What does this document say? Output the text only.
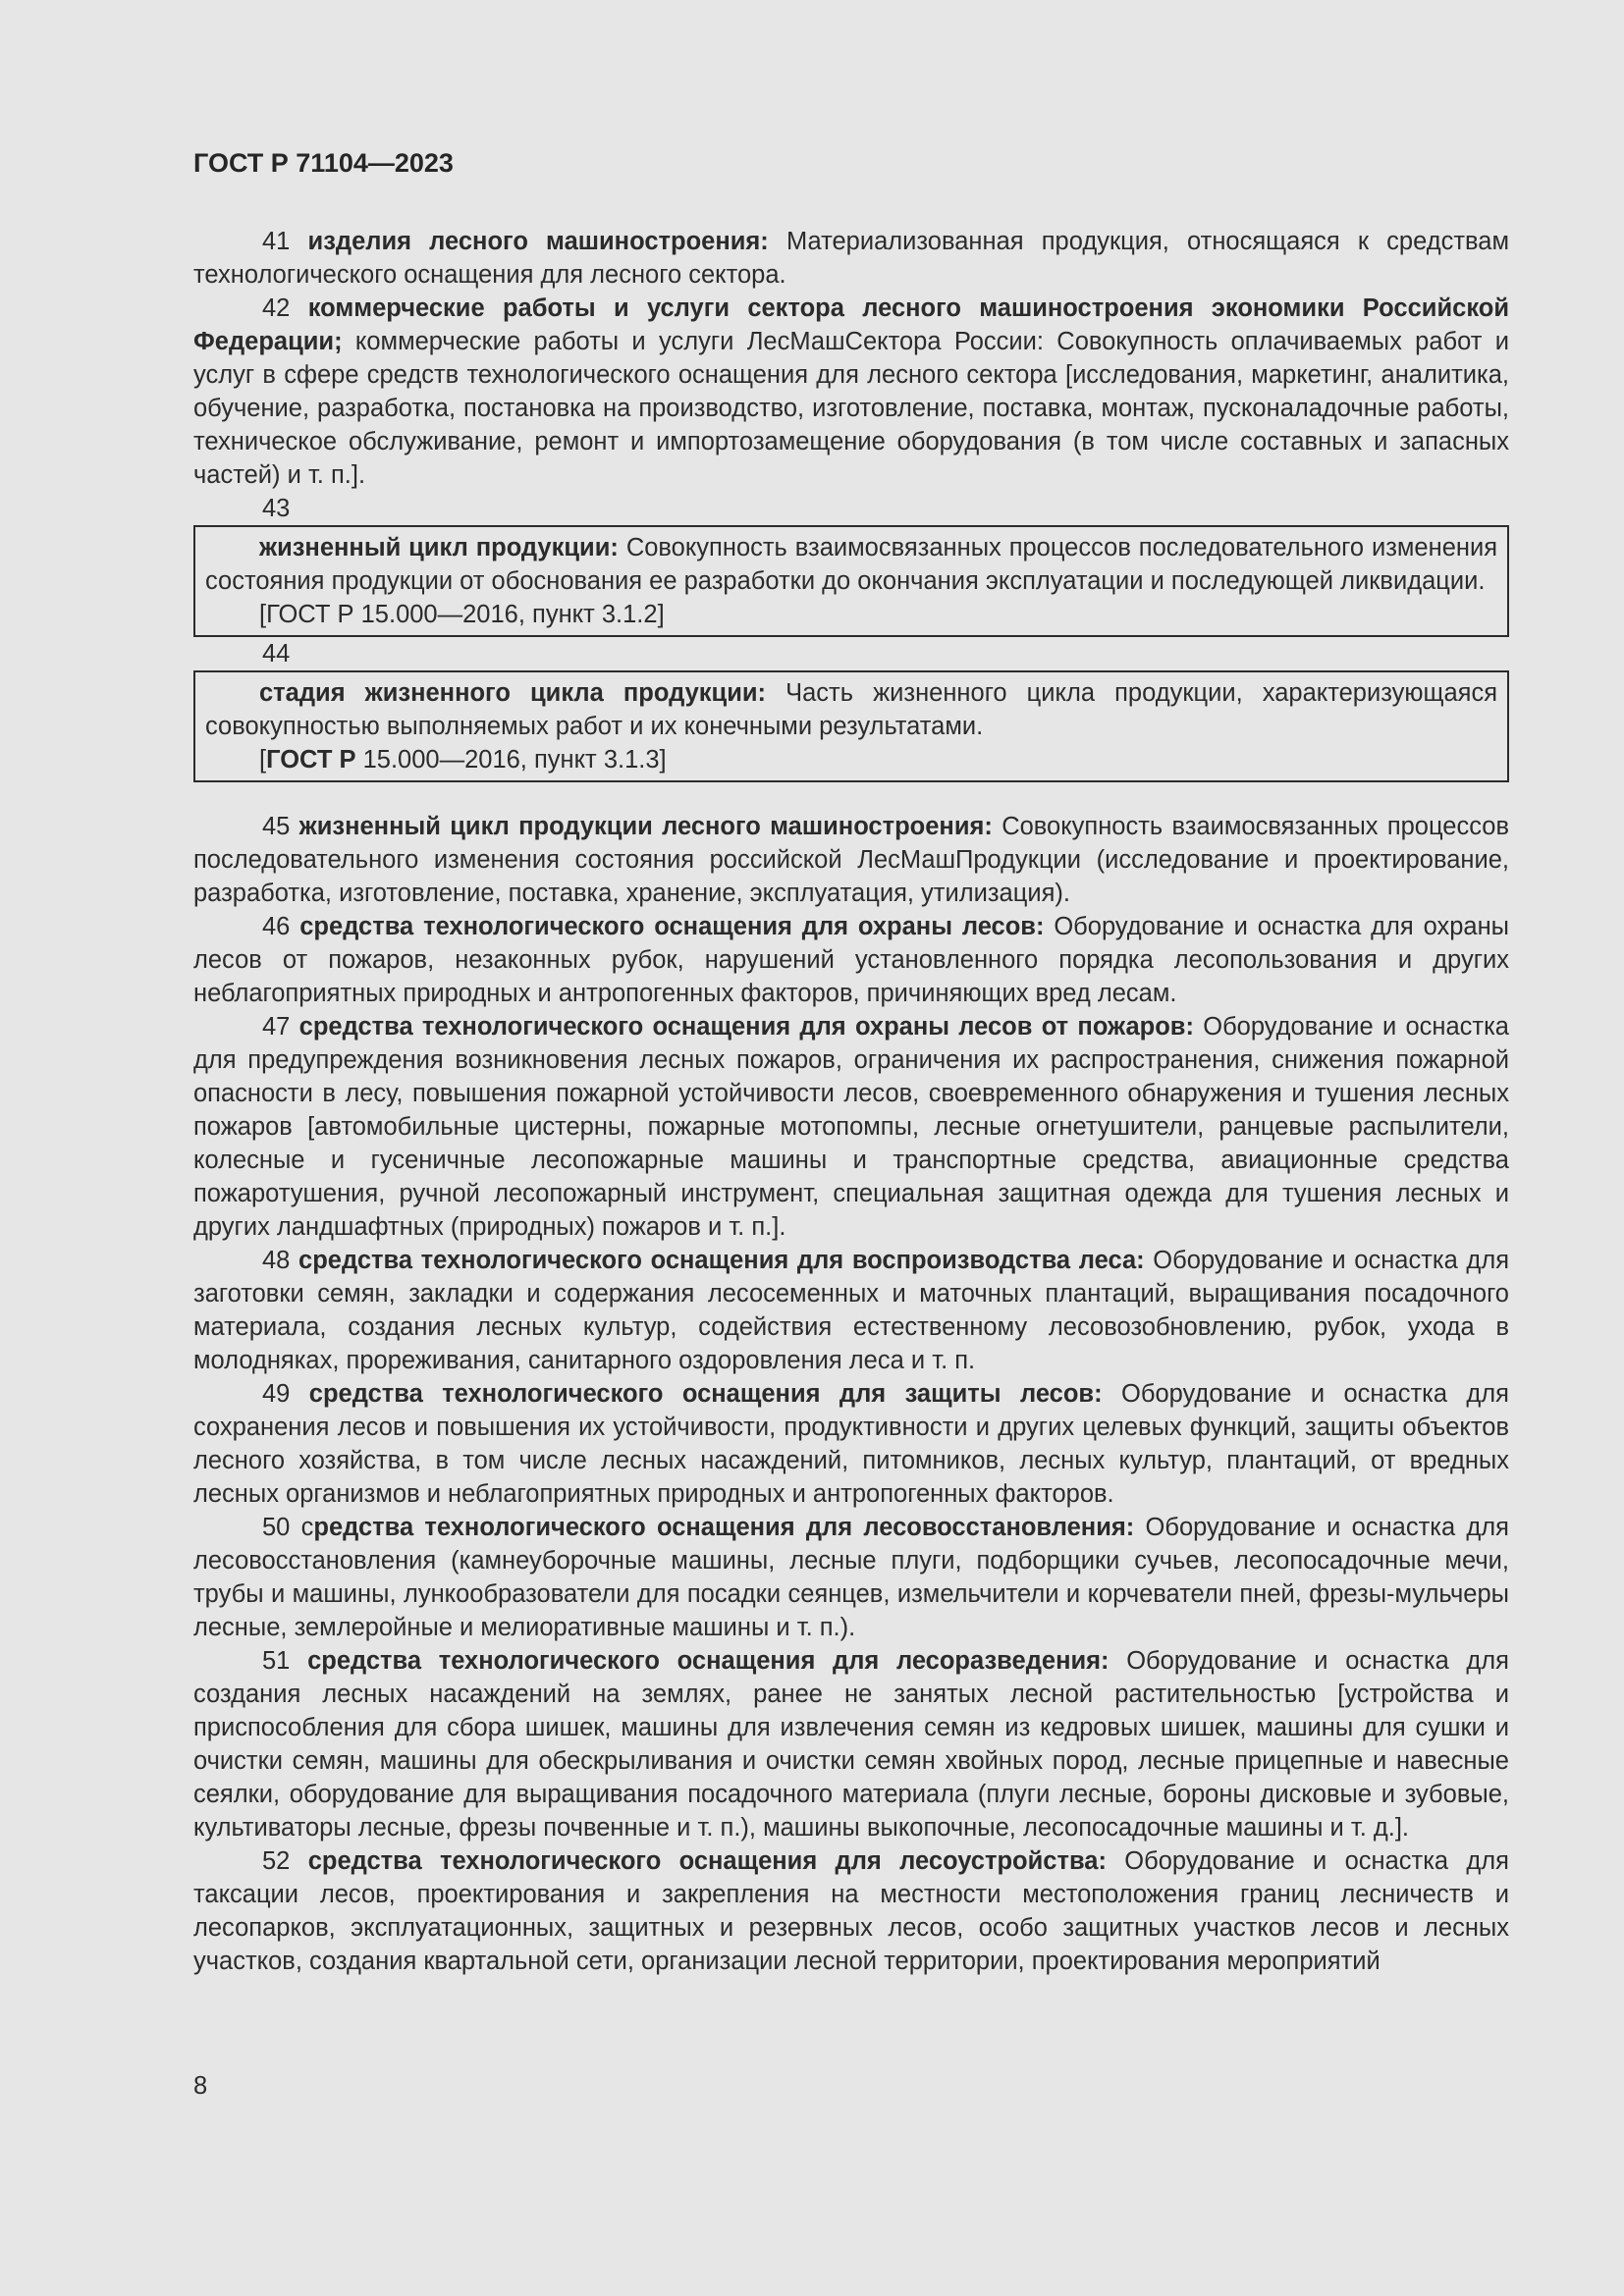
ГОСТ Р 71104—2023

41 изделия лесного машиностроения: Материализованная продукция, относящаяся к средствам технологического оснащения для лесного сектора.

42 коммерческие работы и услуги сектора лесного машиностроения экономики Российской Федерации; коммерческие работы и услуги ЛесМашСектора России: Совокупность оплачиваемых работ и услуг в сфере средств технологического оснащения для лесного сектора [исследования, маркетинг, аналитика, обучение, разработка, постановка на производство, изготовление, поставка, монтаж, пусконаладочные работы, техническое обслуживание, ремонт и импортозамещение оборудования (в том числе составных и запасных частей) и т. п.].

43

жизненный цикл продукции: Совокупность взаимосвязанных процессов последовательного изменения состояния продукции от обоснования ее разработки до окончания эксплуатации и последующей ликвидации.

[ГОСТ Р 15.000—2016, пункт 3.1.2]

44

стадия жизненного цикла продукции: Часть жизненного цикла продукции, характеризующаяся совокупностью выполняемых работ и их конечными результатами.

[ГОСТ Р 15.000—2016, пункт 3.1.3]

45 жизненный цикл продукции лесного машиностроения: Совокупность взаимосвязанных процессов последовательного изменения состояния российской ЛесМашПродукции (исследование и проектирование, разработка, изготовление, поставка, хранение, эксплуатация, утилизация).

46 средства технологического оснащения для охраны лесов: Оборудование и оснастка для охраны лесов от пожаров, незаконных рубок, нарушений установленного порядка лесопользования и других неблагоприятных природных и антропогенных факторов, причиняющих вред лесам.

47 средства технологического оснащения для охраны лесов от пожаров: Оборудование и оснастка для предупреждения возникновения лесных пожаров, ограничения их распространения, снижения пожарной опасности в лесу, повышения пожарной устойчивости лесов, своевременного обнаружения и тушения лесных пожаров [автомобильные цистерны, пожарные мотопомпы, лесные огнетушители, ранцевые распылители, колесные и гусеничные лесопожарные машины и транспортные средства, авиационные средства пожаротушения, ручной лесопожарный инструмент, специальная защитная одежда для тушения лесных и других ландшафтных (природных) пожаров и т. п.].

48 средства технологического оснащения для воспроизводства леса: Оборудование и оснастка для заготовки семян, закладки и содержания лесосеменных и маточных плантаций, выращивания посадочного материала, создания лесных культур, содействия естественному лесовозобновлению, рубок, ухода в молодняках, прореживания, санитарного оздоровления леса и т. п.

49 средства технологического оснащения для защиты лесов: Оборудование и оснастка для сохранения лесов и повышения их устойчивости, продуктивности и других целевых функций, защиты объектов лесного хозяйства, в том числе лесных насаждений, питомников, лесных культур, плантаций, от вредных лесных организмов и неблагоприятных природных и антропогенных факторов.

50 средства технологического оснащения для лесовосстановления: Оборудование и оснастка для лесовосстановления (камнеуборочные машины, лесные плуги, подборщики сучьев, лесопосадочные мечи, трубы и машины, лункообразователи для посадки сеянцев, измельчители и корчеватели пней, фрезы-мульчеры лесные, землеройные и мелиоративные машины и т. п.).

51 средства технологического оснащения для лесоразведения: Оборудование и оснастка для создания лесных насаждений на землях, ранее не занятых лесной растительностью [устройства и приспособления для сбора шишек, машины для извлечения семян из кедровых шишек, машины для сушки и очистки семян, машины для обескрыливания и очистки семян хвойных пород, лесные прицепные и навесные сеялки, оборудование для выращивания посадочного материала (плуги лесные, бороны дисковые и зубовые, культиваторы лесные, фрезы почвенные и т. п.), машины выкопочные, лесопосадочные машины и т. д.].

52 средства технологического оснащения для лесоустройства: Оборудование и оснастка для таксации лесов, проектирования и закрепления на местности местоположения границ лесничеств и лесопарков, эксплуатационных, защитных и резервных лесов, особо защитных участков лесов и лесных участков, создания квартальной сети, организации лесной территории, проектирования мероприятий

8
